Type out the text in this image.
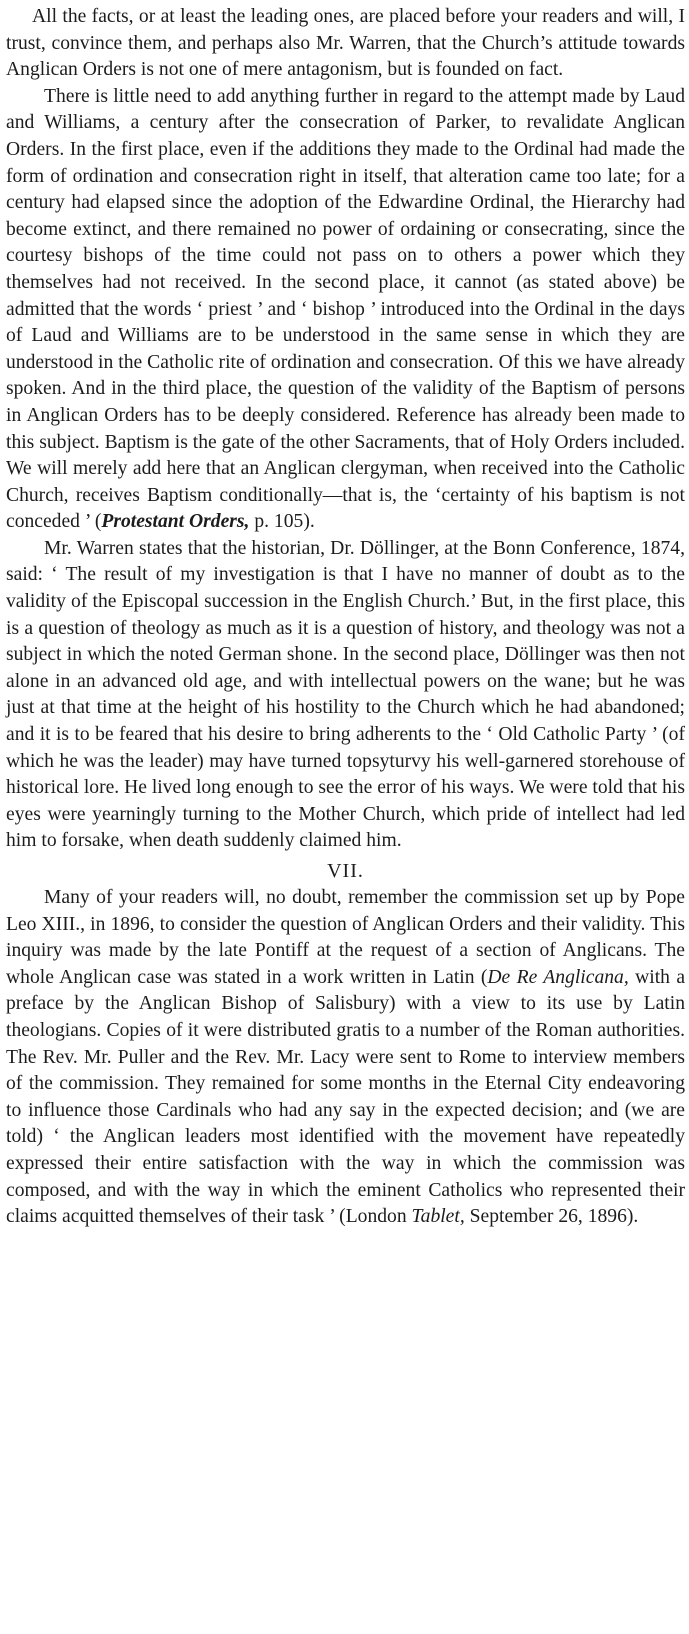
All the facts, or at least the leading ones, are placed before your readers and will, I trust, convince them, and perhaps also Mr. Warren, that the Church’s attitude towards Anglican Orders is not one of mere antagonism, but is founded on fact.

There is little need to add anything further in regard to the attempt made by Laud and Williams, a century after the consecration of Parker, to revalidate Anglican Orders. In the first place, even if the additions they made to the Ordinal had made the form of ordination and consecration right in itself, that alteration came too late; for a century had elapsed since the adoption of the Edwardine Ordinal, the Hierarchy had become extinct, and there remained no power of ordaining or consecrating, since the courtesy bishops of the time could not pass on to others a power which they themselves had not received. In the second place, it cannot (as stated above) be admitted that the words ‘ priest ’ and ‘ bishop ’ introduced into the Ordinal in the days of Laud and Williams are to be understood in the same sense in which they are understood in the Catholic rite of ordination and consecration. Of this we have already spoken. And in the third place, the question of the validity of the Baptism of persons in Anglican Orders has to be deeply considered. Reference has already been made to this subject. Baptism is the gate of the other Sacraments, that of Holy Orders included. We will merely add here that an Anglican clergyman, when received into the Catholic Church, receives Baptism conditionally—that is, the ‘certainty of his baptism is not conceded ’ (Protestant Orders, p. 105).

Mr. Warren states that the historian, Dr. Döllinger, at the Bonn Conference, 1874, said: ‘ The result of my investigation is that I have no manner of doubt as to the validity of the Episcopal succession in the English Church.’ But, in the first place, this is a question of theology as much as it is a question of history, and theology was not a subject in which the noted German shone. In the second place, Döllinger was then not alone in an advanced old age, and with intellectual powers on the wane; but he was just at that time at the height of his hostility to the Church which he had abandoned; and it is to be feared that his desire to bring adherents to the ‘ Old Catholic Party ’ (of which he was the leader) may have turned topsyturvy his well-garnered storehouse of historical lore. He lived long enough to see the error of his ways. We were told that his eyes were yearningly turning to the Mother Church, which pride of intellect had led him to forsake, when death suddenly claimed him.

VII.

Many of your readers will, no doubt, remember the commission set up by Pope Leo XIII., in 1896, to consider the question of Anglican Orders and their validity. This inquiry was made by the late Pontiff at the request of a section of Anglicans. The whole Anglican case was stated in a work written in Latin (De Re Anglicana, with a preface by the Anglican Bishop of Salisbury) with a view to its use by Latin theologians. Copies of it were distributed gratis to a number of the Roman authorities. The Rev. Mr. Puller and the Rev. Mr. Lacy were sent to Rome to interview members of the commission. They remained for some months in the Eternal City endeavoring to influence those Cardinals who had any say in the expected decision; and (we are told) ‘ the Anglican leaders most identified with the movement have repeatedly expressed their entire satisfaction with the way in which the commission was composed, and with the way in which the eminent Catholics who represented their claims acquitted themselves of their task ’ (London Tablet, September 26, 1896).
